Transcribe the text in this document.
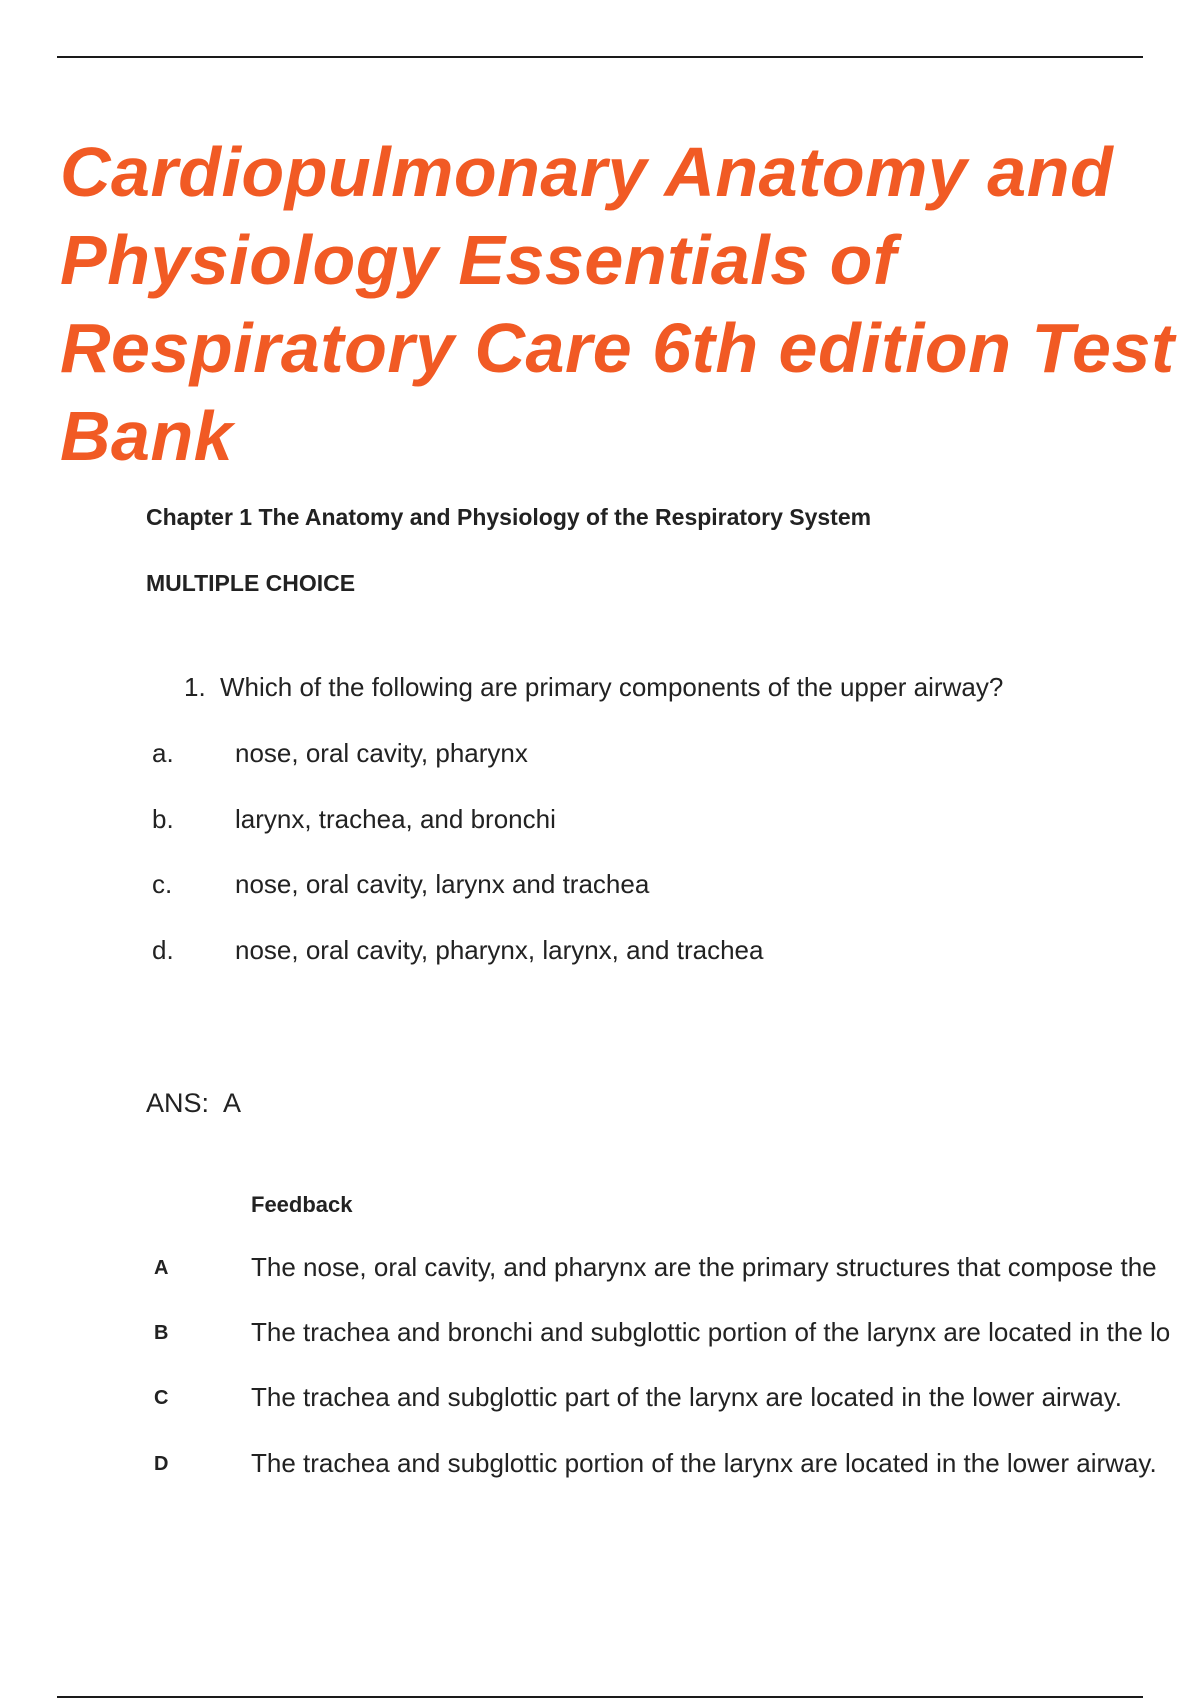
Cardiopulmonary Anatomy and
Physiology Essentials of
Respiratory Care 6th edition Test
Bank
Chapter 1 The Anatomy and Physiology of the Respiratory System
MULTIPLE CHOICE
1. Which of the following are primary components of the upper airway?
a. nose, oral cavity, pharynx
b. larynx, trachea, and bronchi
c. nose, oral cavity, larynx and trachea
d. nose, oral cavity, pharynx, larynx, and trachea
ANS: A
Feedback
A	The nose, oral cavity, and pharynx are the primary structures that compose the
B	The trachea and bronchi and subglottic portion of the larynx are located in the lo
C	The trachea and subglottic part of the larynx are located in the lower airway.
D	The trachea and subglottic portion of the larynx are located in the lower airway.
